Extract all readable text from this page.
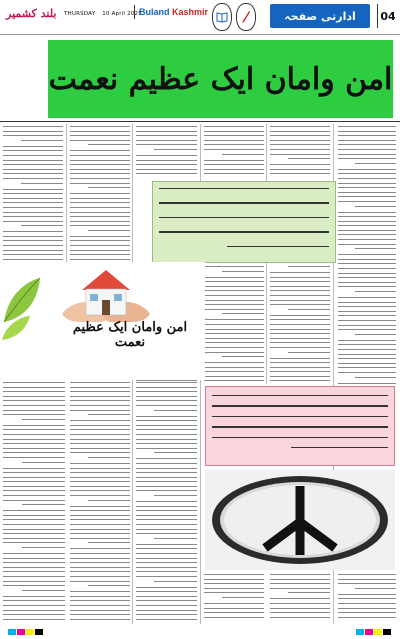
بلند کشمیر THURSDAY 10 April 2025
Buland Kashmir	ادارتی صفحہ	04
امن وامان ایک عظیم نعمت
امن وامان ایک عظیم نعمت
